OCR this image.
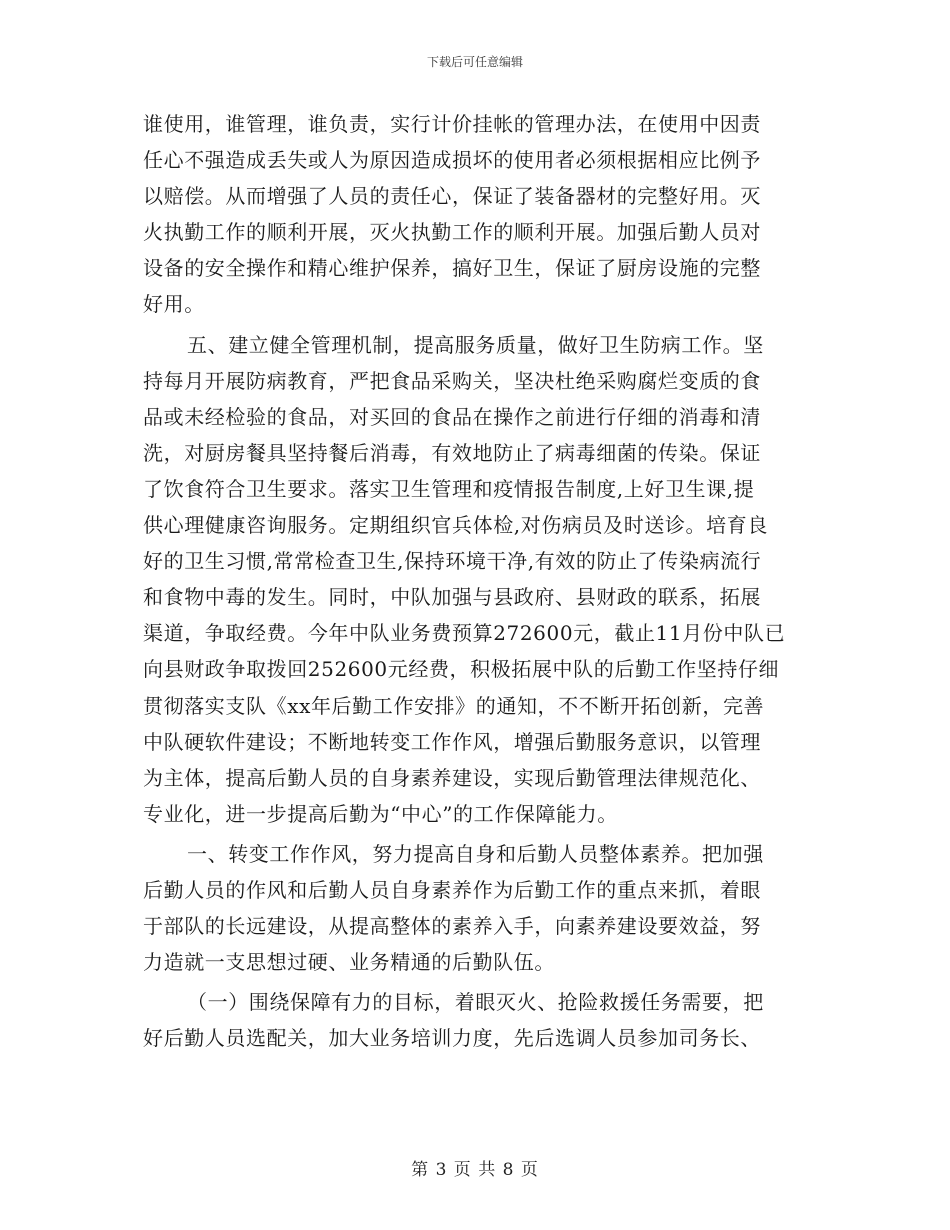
下载后可任意编辑
谁使用，谁管理，谁负责，实行计价挂帐的管理办法，在使用中因责
任心不强造成丢失或人为原因造成损坏的使用者必须根据相应比例予
以赔偿。从而增强了人员的责任心，保证了装备器材的完整好用。灭
火执勤工作的顺利开展，灭火执勤工作的顺利开展。加强后勤人员对
设备的安全操作和精心维护保养，搞好卫生，保证了厨房设施的完整
好用。
五、建立健全管理机制，提高服务质量，做好卫生防病工作。坚
持每月开展防病教育，严把食品采购关，坚决杜绝采购腐烂变质的食
品或未经检验的食品，对买回的食品在操作之前进行仔细的消毒和清
洗，对厨房餐具坚持餐后消毒，有效地防止了病毒细菌的传染。保证
了饮食符合卫生要求。落实卫生管理和疫情报告制度,上好卫生课,提
供心理健康咨询服务。定期组织官兵体检,对伤病员及时送诊。培育良
好的卫生习惯,常常检查卫生,保持环境干净,有效的防止了传染病流行
和食物中毒的发生。同时，中队加强与县政府、县财政的联系，拓展
渠道，争取经费。今年中队业务费预算272600元，截止11月份中队已
向县财政争取拨回252600元经费，积极拓展中队的后勤工作坚持仔细
贯彻落实支队《xx年后勤工作安排》的通知，不不断开拓创新，完善
中队硬软件建设；不断地转变工作作风，增强后勤服务意识，以管理
为主体，提高后勤人员的自身素养建设，实现后勤管理法律规范化、
专业化，进一步提高后勤为“中心”的工作保障能力。
一、转变工作作风，努力提高自身和后勤人员整体素养。把加强
后勤人员的作风和后勤人员自身素养作为后勤工作的重点来抓，着眼
于部队的长远建设，从提高整体的素养入手，向素养建设要效益，努
力造就一支思想过硬、业务精通的后勤队伍。
（一）围绕保障有力的目标，着眼灭火、抢险救援任务需要，把
好后勤人员选配关，加大业务培训力度，先后选调人员参加司务长、
第 3 页 共 8 页
